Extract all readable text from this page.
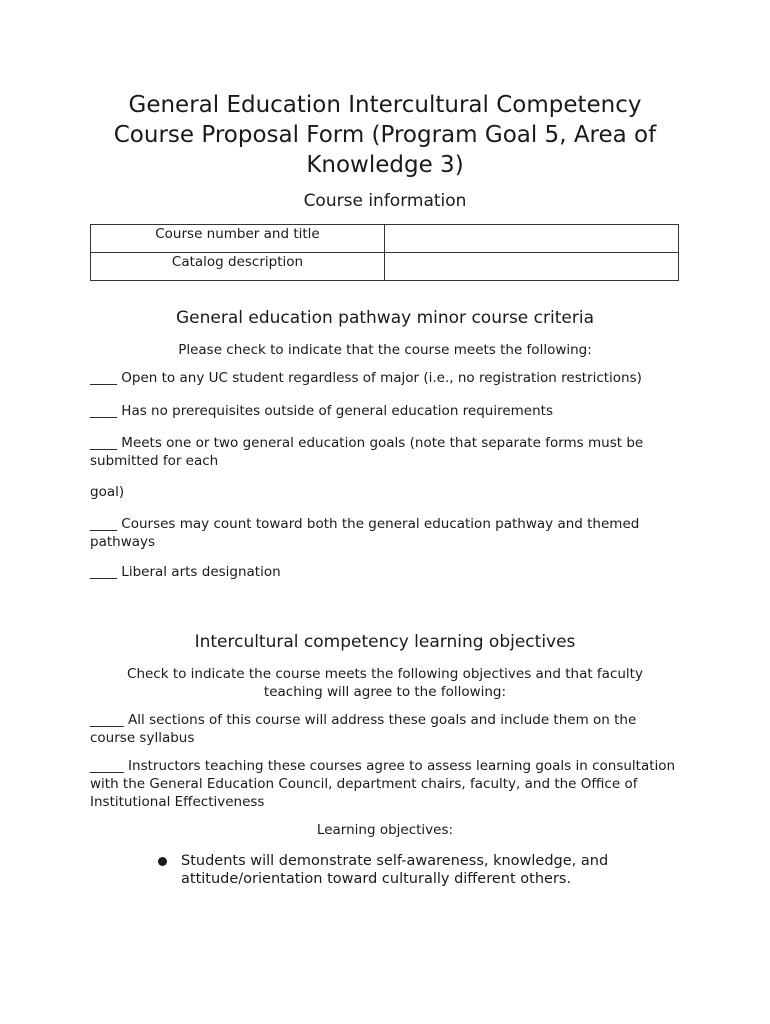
General Education Intercultural Competency
Course Proposal Form (Program Goal 5, Area of
Knowledge 3)
Course information
Course number and title	
Catalog description	
General education pathway minor course criteria

Please check to indicate that the course meets the following:

____ Open to any UC student regardless of major (i.e., no registration restrictions)

____ Has no prerequisites outside of general education requirements

____ Meets one or two general education goals (note that separate forms must be submitted for each

goal)

____ Courses may count toward both the general education pathway and themed pathways

____ Liberal arts designation

Intercultural competency learning objectives

Check to indicate the course meets the following objectives and that faculty teaching will agree to the following:

_____ All sections of this course will address these goals and include them on the course syllabus

_____ Instructors teaching these courses agree to assess learning goals in consultation with the General Education Council, department chairs, faculty, and the Office of Institutional Effectiveness

Learning objectives:

Students will demonstrate self-awareness, knowledge, and attitude/orientation toward culturally different others.
